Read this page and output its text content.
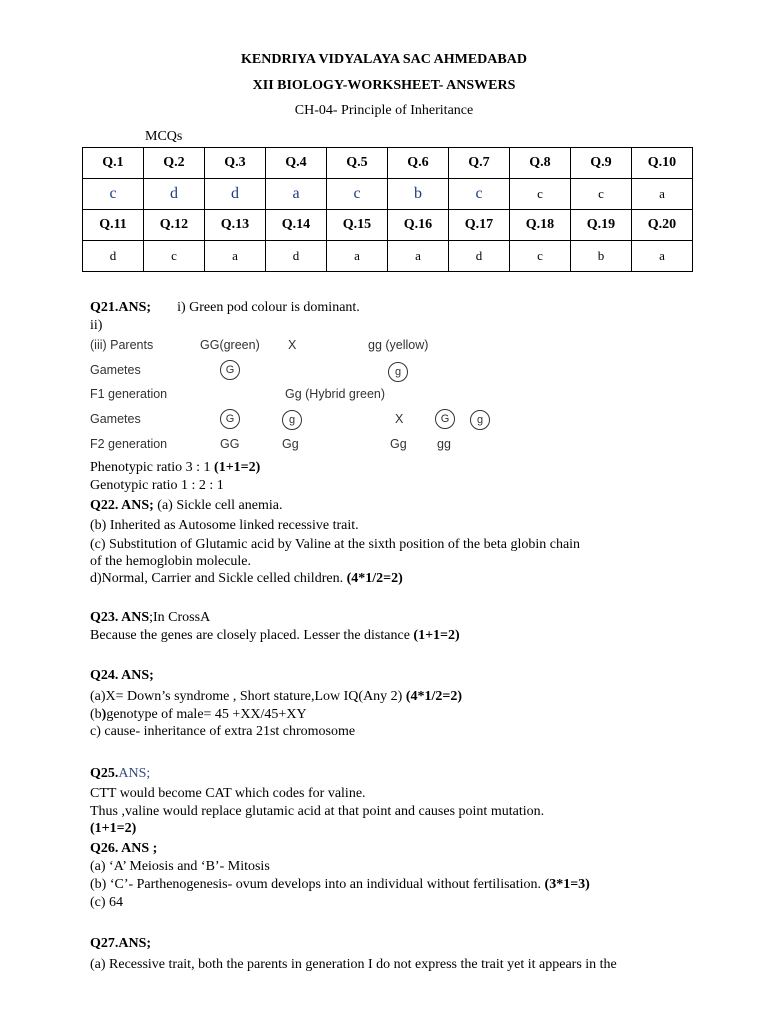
KENDRIYA VIDYALAYA SAC AHMEDABAD

XII BIOLOGY-WORKSHEET- ANSWERS

CH-04- Principle of Inheritance

MCQs
Q.1	Q.2	Q.3	Q.4	Q.5	Q.6	Q.7	Q.8	Q.9	Q.10
c	d	d	a	c	b	c	c	c	a
Q.11	Q.12	Q.13	Q.14	Q.15	Q.16	Q.17	Q.18	Q.19	Q.20
d	c	a	d	a	a	d	c	b	a
Q21.ANS; i) Green pod colour is dominant.
ii)
(iii) Parents	GG(green) X	gg (yellow)
Gametes	G	g
F1 generation	Gg (Hybrid green)
Gametes	G	g	X	G	g
F2 generation	GG	Gg	Gg gg
Phenotypic ratio 3 : 1 (1+1=2)
Genotypic ratio 1 : 2 : 1
Q22. ANS; (a) Sickle cell anemia.
(b) Inherited as Autosome linked recessive trait.
(c) Substitution of Glutamic acid by Valine at the sixth position of the beta globin chain
of the hemoglobin molecule.
d)Normal, Carrier and Sickle celled children. (4*1/2=2)
Q23. ANS;In CrossA
Because the genes are closely placed. Lesser the distance (1+1=2)
Q24. ANS;
(a)X= Down’s syndrome , Short stature,Low IQ(Any 2) (4*1/2=2)
(b)genotype of male= 45 +XX/45+XY
c) cause- inheritance of extra 21st chromosome
Q25.ANS;
CTT would become CAT which codes for valine.
Thus ,valine would replace glutamic acid at that point and causes point mutation.
(1+1=2)
Q26. ANS ;
(a) ‘A’ Meiosis and ‘B’- Mitosis
(b) ‘C’- Parthenogenesis- ovum develops into an individual without fertilisation. (3*1=3)
(c) 64
Q27.ANS;
(a) Recessive trait, both the parents in generation I do not express the trait yet it appears in the
